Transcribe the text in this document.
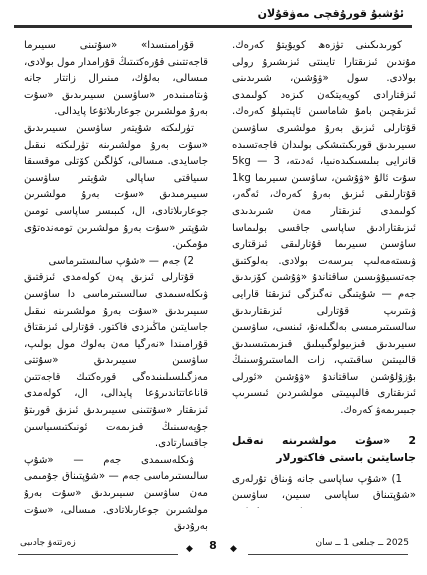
ئۇشبۇ قورۇقچى مەۋقۇلان

كورىدىكىنى تۈزەھ كويۇيتۇ كەرەك. مۇندىن ئىزىقتارا تايىنتى ئىزىشىرۇ رولى بولادى. سول «ۋۇشىن، شىرىدىنى ئىزقتارادى كويەيتكەن كىزەد كولىمدى ئىزىقچىن بامۇ شاماسىن ئاپىتىپلۇ كەرەك. قۇتارلى ئىزىق بەرۇ مولشىرى ساۋسىن سىيرىدىق قورىكىتىشكى بولىدان قاجەتسىدە قانرايى بىلىسىكىدەنىيا، ئەدىتە، 5kg — 3 سۇت ئالۇ «ۋۇشىن، ساۋسىن سىيرىما 1kg قۇتارلىقى ئىزىق بەرۇ كەرەك، ئەگەر، كولىمدى ئىزىقتار مەن شىرىدىدى ئىزىقتارادىق ساپاسى جاقسى بولىماسا ساۋسىن سىيرىما قۇتارلىقى ئىزقتارى ۋىستەمەلىپ بىرسەت بولادى. بەلوكتىق جەتسىيۇۋىسىن ساقتاندۇ «ۋۇشىن كۆزىدىق جەم — شۇيتىگى نەگىزگى ئىزىقتا قارايى ۋىتىرىپ قۇتارلى ئىزىقتارىدىق سالسىتىرمىسى بەلگىلەنۇ، ئىنسى، ساۋسىن سىيرىدىق قىزىيولوگىيىلىق قىزىمىتىسىدىق قالىيىتىن ساقىتىپ، زات الماستىرۇسىنىڭ بۇزۇلۇشىن ساقتاندۇ «ۋۇشىن «ئورلى ئىزىقتارى قالىپىيىتى مولشىردىن ئىسىرىپ جىبىرىمەۋ كەرەك.

2 «سۇت مولشىرىنە نەقىل جاسايتىن باستى فاكتورلار

1) «شۇپ ساپاسى جانە ۋىناق تۇرلەرى «شۇپتىناق ساپاسى سىيىن، ساۋسىن

قۇرامىنسدا» «سۇتىنى سىيىرما قاجەتتىنى قۇرەكتىتىڭ قۇرامدار مول بولادى، مىسالى، بەلۇك، مىنىرال زاتتار جانە ۋىتامىنىدەر «ساۋسىن سىيىرىدىق «سۇت بەرۇ مولشىرىن جوعارىلاتۇعا پايدالى.

تۈرلىكتە شۇيتەر ساۋسىن سىيىرىدىق «سۇت بەرۇ مولشىرىنە تۈرلىكتە نىقىل جاسايدى. مىسالى، كۈلگىن كۆتلى موقسىقا سىياقتى ساپالى شۇيتىر ساۋسىن سىيىرمىدىق «سۇت بەرۇ مولشىرىن جوعارىلاتادى، ال، كىبىسر ساپاسى تومىن شۇپتىر «سۇت بەرۇ مولشىرىن تومەندەتۇى مۇمكىن.

2) جەم — «شۇپ سالىستىرماسى

قۇتارلى ئىزىق پەن كولەمدى ئىزقتىق ۋىكلەسىمدى سالسىتىرماسى دا ساۋسىن سىيىرىدىق «سۇت بەرۇ مولشىرىنە نىقىل جاسايتىن ماڭىزدى فاكتور. قۇتارلى ئىزىقتاق قۇرامىندا «نەرگيا مەن بەلوك مول بولىپ، ساۋسىن سىيىرىدىق «سۇتتى مەزگىلسىلىنىدەگى قورەكتىك قاجەتتىن قاناعاتتاندىرۇعا پايدالى، ال، كولەمدى ئىزىقتار «سۇتتىنى سىيىرىدىق ئىزىق قورىتۇ جۇيەسىنىڭ قىزىمەت ئونىكتىسىياسىن جاقسارتادى.

ۋىكلەسىمدى جەم — «شۇپ سالىستىرماسى جەم — «شۇپتىناق جۇمىمى مەن ساۋسىن سىيىرىدىق «سۇت بەرۇ مولشىرىن جوعارىلاتادى. مىسالى، «سۇت بەرۇدىق

زەرتتەۋ جادىبى
◆	8	◆
2025 ــ جىلعى 1 ــ سان
